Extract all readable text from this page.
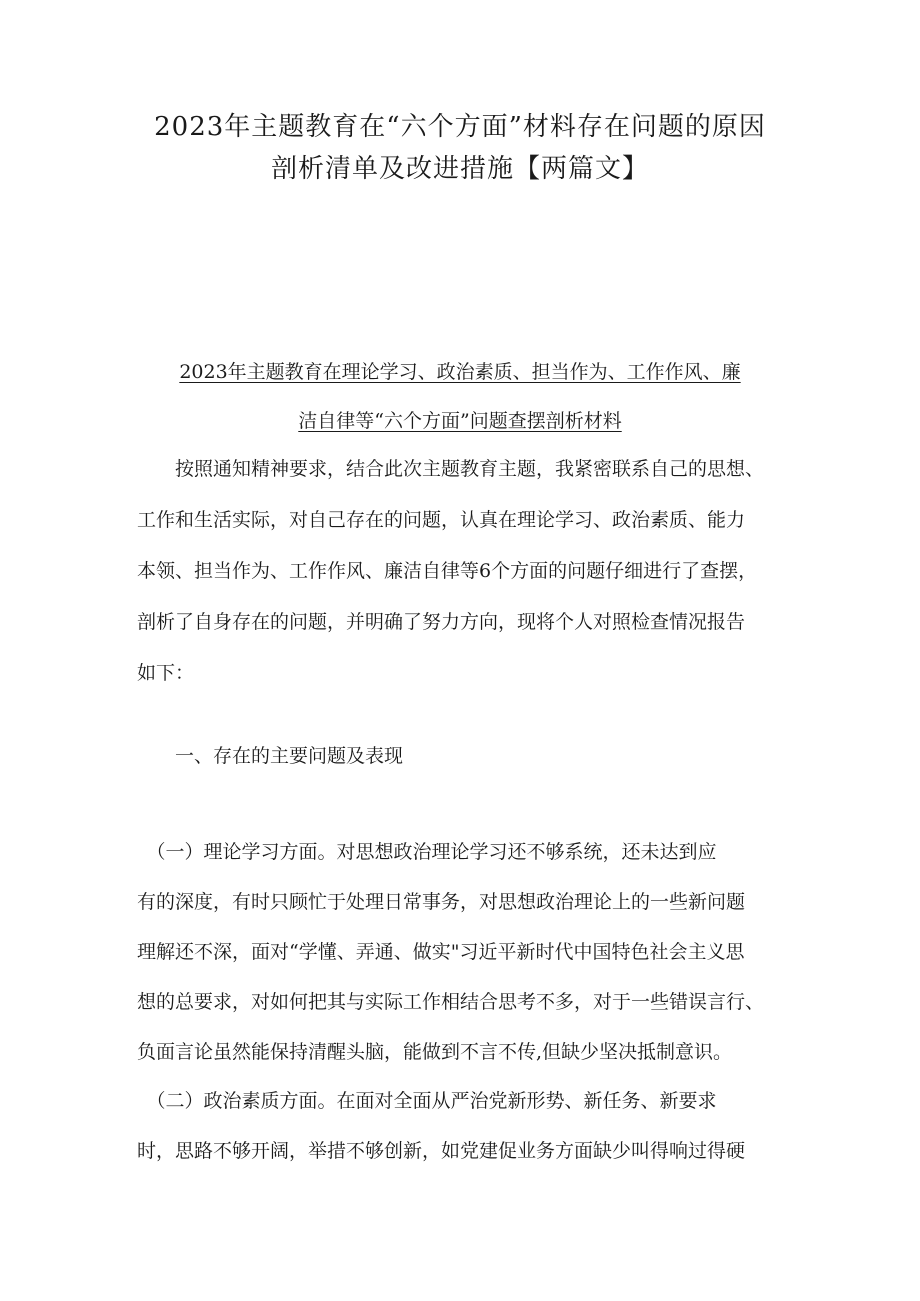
2023年主题教育在“六个方面”材料存在问题的原因
剖析清单及改进措施【两篇文】
2023年主题教育在理论学习、政治素质、担当作为、工作作风、廉
洁自律等“六个方面”问题查摆剖析材料
　　按照通知精神要求，结合此次主题教育主题，我紧密联系自己的思想、
工作和生活实际，对自己存在的问题，认真在理论学习、政治素质、能力
本领、担当作为、工作作风、廉洁自律等6个方面的问题仔细进行了查摆，
剖析了自身存在的问题，并明确了努力方向，现将个人对照检查情况报告
如下：
一、存在的主要问题及表现
　（一）理论学习方面。对思想政治理论学习还不够系统，还未达到应
有的深度，有时只顾忙于处理日常事务，对思想政治理论上的一些新问题
理解还不深，面对“学懂、弄通、做实"习近平新时代中国特色社会主义思
想的总要求，对如何把其与实际工作相结合思考不多，对于一些错误言行、
负面言论虽然能保持清醒头脑，能做到不言不传,但缺少坚决抵制意识。
　（二）政治素质方面。在面对全面从严治党新形势、新任务、新要求
时，思路不够开阔，举措不够创新，如党建促业务方面缺少叫得响过得硬
